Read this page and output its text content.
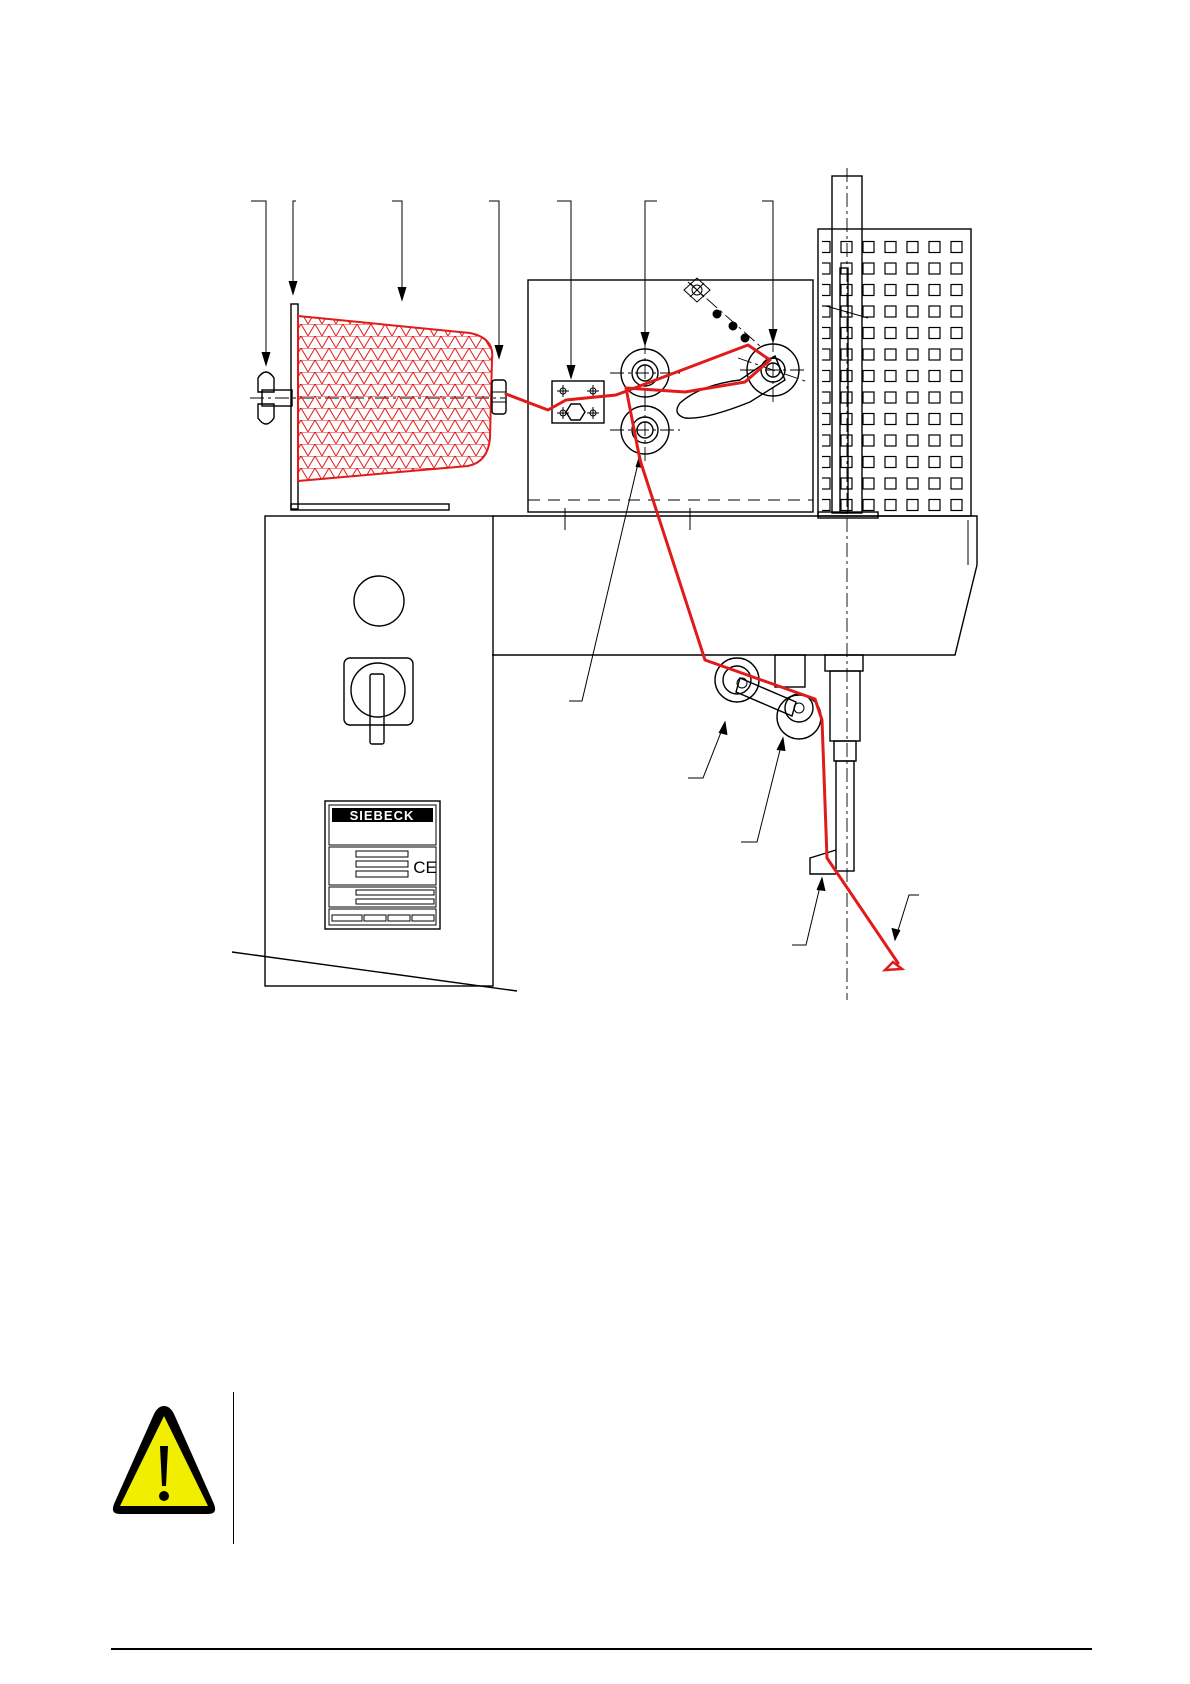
SIEBECK
CE
